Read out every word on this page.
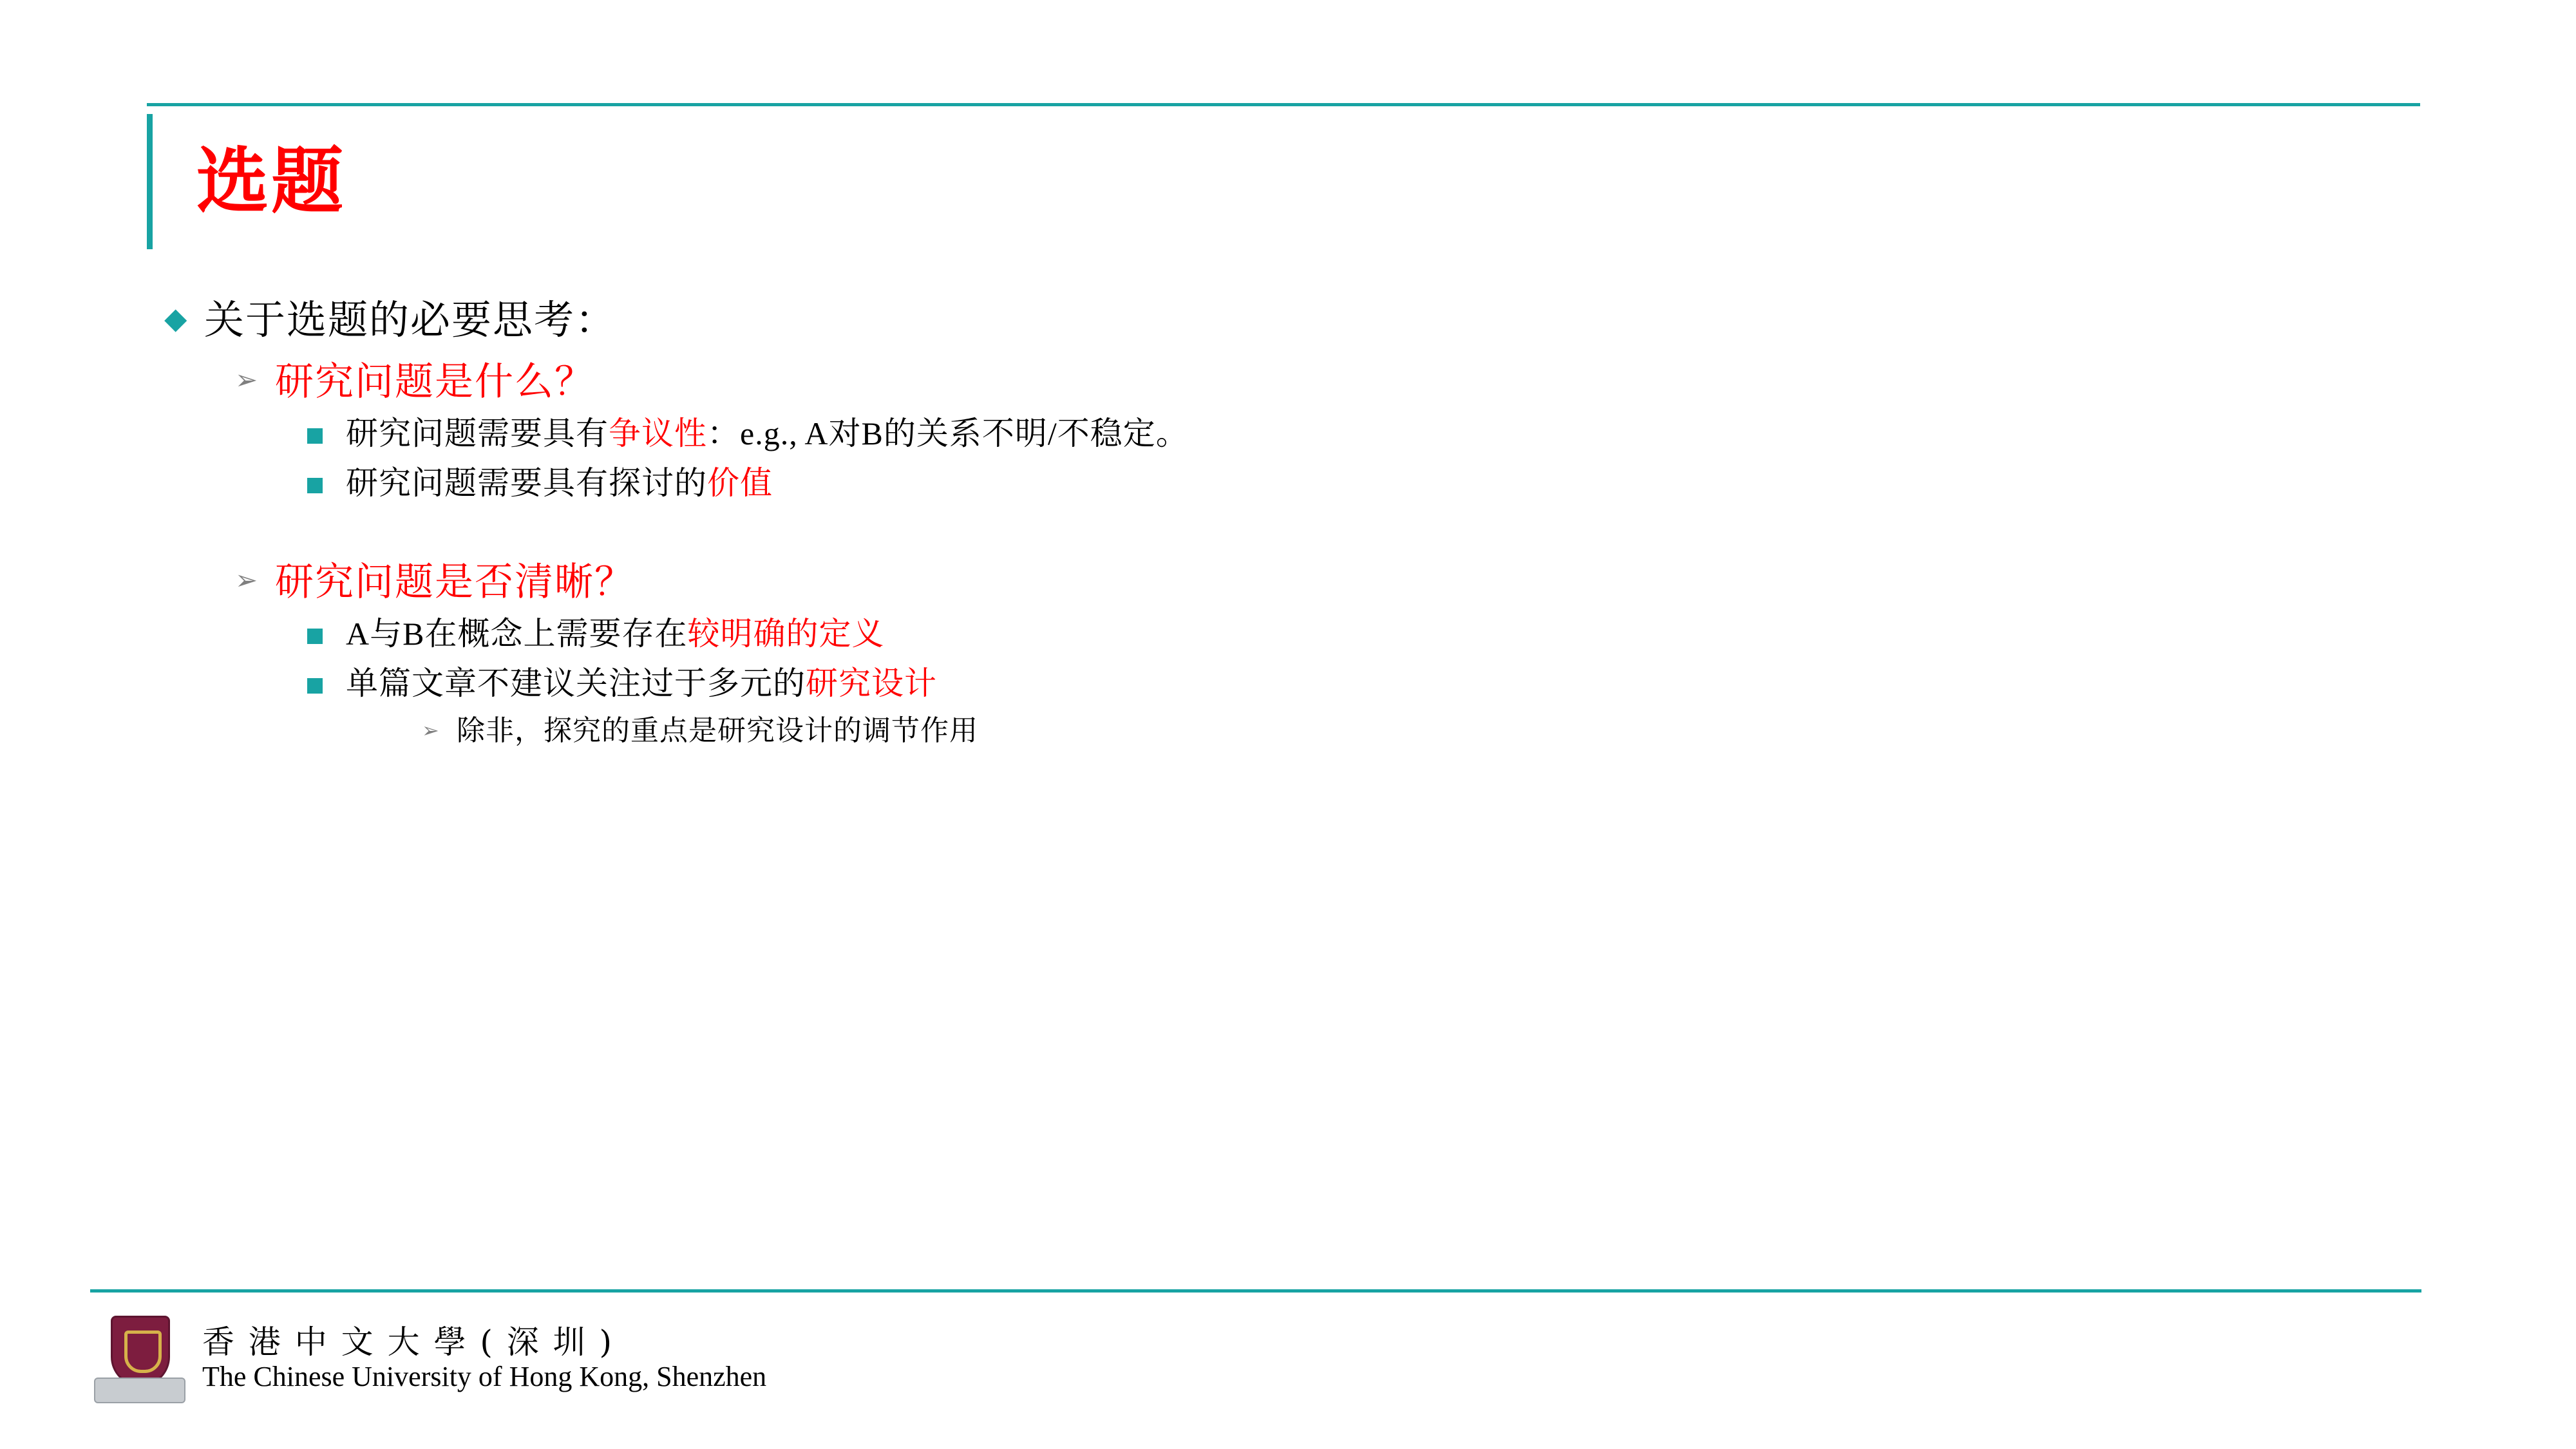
选题
◆ 关于选题的必要思考：
➢ 研究问题是什么？
研究问题需要具有争议性：e.g., A对B的关系不明/不稳定。
研究问题需要具有探讨的价值
➢ 研究问题是否清晰？
A与B在概念上需要存在较明确的定义
单篇文章不建议关注过于多元的研究设计
➢ 除非，探究的重点是研究设计的调节作用
香 港 中 文 大 學 ( 深 圳 )
The Chinese University of Hong Kong, Shenzhen
